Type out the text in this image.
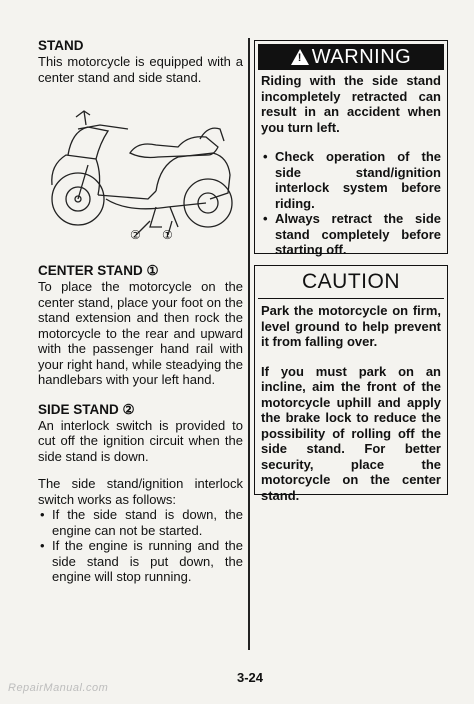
STAND

This motorcycle is equipped with a center stand and side stand.

② ①

CENTER STAND ①

To place the motorcycle on the center stand, place your foot on the stand extension and then rock the motorcycle to the rear and upward with the passenger hand rail with your right hand, while steadying the handlebars with your left hand.

SIDE STAND ②

An interlock switch is provided to cut off the ignition circuit when the side stand is down.

The side stand/ignition interlock switch works as follows:

• If the side stand is down, the engine can not be started.
• If the engine is running and the side stand is put down, the engine will stop running.
! WARNING

Riding with the side stand incompletely retracted can result in an accident when you turn left.

• Check operation of the side stand/ignition interlock system before riding.
• Always retract the side stand completely before starting off.
CAUTION

Park the motorcycle on firm, level ground to help prevent it from falling over.

If you must park on an incline, aim the front of the motorcycle uphill and apply the brake lock to reduce the possibility of rolling off the side stand. For better security, place the motorcycle on the center stand.

3-24
RepairManual.com
